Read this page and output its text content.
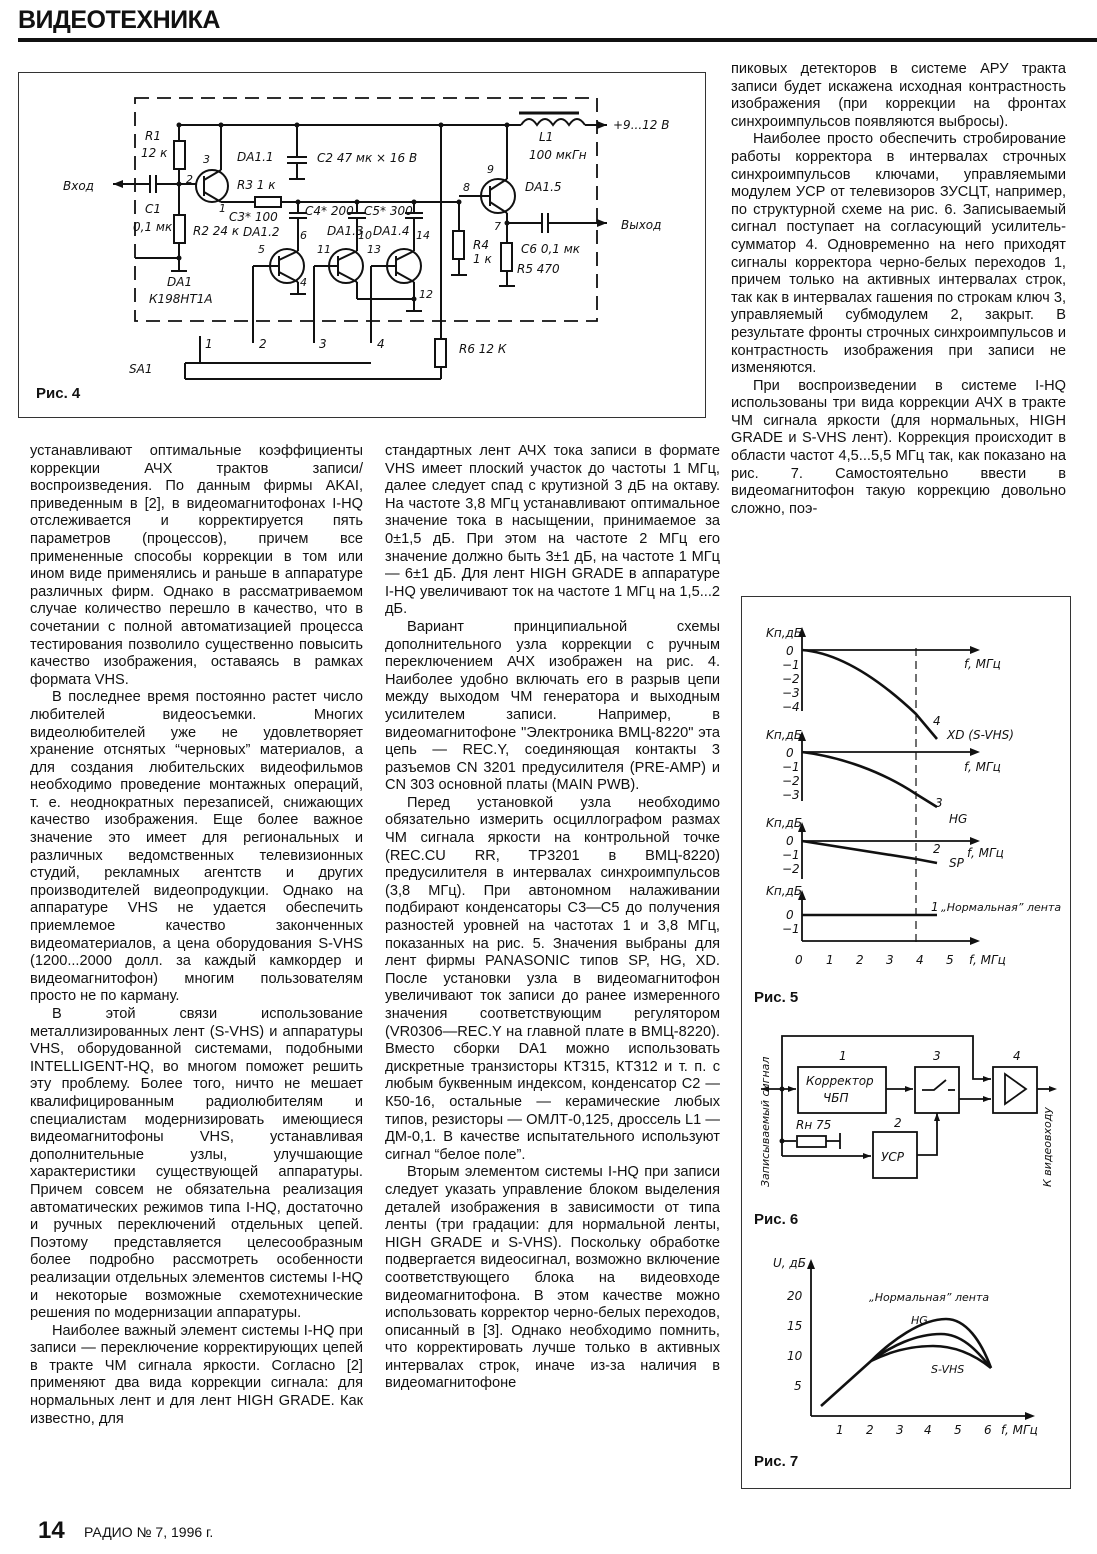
ВИДЕОТЕХНИКА
Вход
Выход
+9...12 В
R1
12 к
C1
0,1 мк R2 24 к
R3 1 к
C3* 100 C4* 200 C5* 300
C2 47 мк × 16 В
L1
100 мкГн
DA1.1
DA1.2	DA1.3 DA1.4
DA1.5
R4
1 к
C6 0,1 мк
R5 470
R6 12 К
DA1
К198НТ1А
SA1
1	2	3	4
3
2
1
5
6
4
11
10
13
14
12
8
9
7
Рис. 4

устанавливают оптимальные коэффициенты коррекции АЧХ трактов записи/воспроизведения. По данным фирмы AKAI, приведенным в [2], в видеомагнитофонах I-HQ отслеживается и корректируется пять параметров (процессов), причем все примененные способы коррекции в том или ином виде применялись и раньше в аппаратуре различных фирм. Однако в рассматриваемом случае количество перешло в качество, что в сочетании с полной автоматизацией процесса тестирования позволило существенно повысить качество изображения, оставаясь в рамках формата VHS.

В последнее время постоянно растет число любителей видеосъемки. Многих видеолюбителей уже не удовлетворяет хранение отснятых “черновых” материалов, а для создания любительских видеофильмов необходимо проведение монтажных операций, т. е. неоднократных перезаписей, снижающих качество изображения. Еще более важное значение это имеет для региональных и различных ведомственных телевизионных студий, рекламных агентств и других производителей видеопродукции. Однако на аппаратуре VHS не удается обеспечить приемлемое качество законченных видеоматериалов, а цена оборудования S-VHS (1200...2000 долл. за каждый камкордер и видеомагнитофон) многим пользователям просто не по карману.

В этой связи использование металлизированных лент (S-VHS) и аппаратуры VHS, оборудованной системами, подобными INTELLIGENT-HQ, во многом поможет решить эту проблему. Более того, ничто не мешает квалифицированным радиолюбителям и специалистам модернизировать имеющиеся видеомагнитофоны VHS, устанавливая дополнительные узлы, улучшающие характеристики существующей аппаратуры. Причем совсем не обязательна реализация автоматических режимов типа I-HQ, достаточно и ручных переключений отдельных цепей. Поэтому представляется целесообразным более подробно рассмотреть особенности реализации отдельных элементов системы I-HQ и некоторые возможные схемотехнические решения по модернизации аппаратуры.

Наиболее важный элемент системы I-HQ при записи — переключение корректирующих цепей в тракте ЧМ сигнала яркости. Согласно [2] применяют два вида коррекции сигнала: для нормальных лент и для лент HIGH GRADE. Как известно, для

стандартных лент АЧХ тока записи в формате VHS имеет плоский участок до частоты 1 МГц, далее следует спад с крутизной 3 дБ на октаву. На частоте 3,8 МГц устанавливают оптимальное значение тока в насыщении, принимаемое за 0±1,5 дБ. При этом на частоте 2 МГц его значение должно быть 3±1 дБ, на частоте 1 МГц — 6±1 дБ. Для лент HIGH GRADE в аппаратуре I-HQ увеличивают ток на частоте 1 МГц на 1,5...2 дБ.

Вариант принципиальной схемы дополнительного узла коррекции с ручным переключением АЧХ изображен на рис. 4. Наиболее удобно включать его в разрыв цепи между выходом ЧМ генератора и выходным усилителем записи. Например, в видеомагнитофоне "Электроника ВМЦ-8220" эта цепь — REC.Y, соединяющая контакты 3 разъемов CN 3201 предусилителя (PRE-AMP) и CN 303 основной платы (MAIN PWB).

Перед установкой узла необходимо обязательно измерить осциллографом размах ЧМ сигнала яркости на контрольной точке (REC.CU RR, TP3201 в ВМЦ-8220) предусилителя в интервалах синхроимпульсов (3,8 МГц). При автономном налаживании подбирают конденсаторы С3—С5 до получения разностей уровней на частотах 1 и 3,8 МГц, показанных на рис. 5. Значения выбраны для лент фирмы PANASONIC типов SP, HG, XD. После установки узла в видеомагнитофон увеличивают ток записи до ранее измеренного значения соответствующим регулятором (VR0306—REC.Y на главной плате в ВМЦ-8220). Вместо сборки DA1 можно использовать дискретные транзисторы КТ315, КТ312 и т. п. с любым буквенным индексом, конденсатор С2 — К50-16, остальные — керамические любых типов, резисторы — ОМЛТ-0,125, дроссель L1 — ДМ-0,1. В качестве испытательного используют сигнал “белое поле”.

Вторым элементом системы I-HQ при записи следует указать управление блоком выделения деталей изображения в зависимости от типа ленты (три градации: для нормальной ленты, HIGH GRADE и S-VHS). Поскольку обработке подвергается видеосигнал, возможно включение соответствующего блока на видеовходе видеомагнитофона. В этом качестве можно использовать корректор черно-белых переходов, описанный в [3]. Однако необходимо помнить, что корректировать лучше только в активных интервалах строк, иначе из-за наличия в видеомагнитофоне

пиковых детекторов в системе АРУ тракта записи будет искажена исходная контрастность изображения (при коррекции на фронтах синхроимпульсов появляются выбросы).

Наиболее просто обеспечить стробирование работы корректора в интервалах строчных синхроимпульсов ключами, управляемыми модулем УСР от телевизоров ЗУСЦТ, например, по структурной схеме на рис. 6. Записываемый сигнал поступает на согласующий усилитель-сумматор 4. Одновременно на него приходят сигналы корректора черно-белых переходов 1, причем только на активных интервалах строк, так как в интервалах гашения по строкам ключ 3, управляемый субмодулем 2, закрыт. В результате фронты строчных синхроимпульсов и контрастность изображения при записи не изменяются.

При воспроизведении в системе I-HQ использованы три вида коррекции АЧХ в тракте ЧМ сигнала яркости (для нормальных, HIGH GRADE и S-VHS лент). Коррекция происходит в области частот 4,5...5,5 МГц так, как показано на рис. 7. Самостоятельно ввести в видеомагнитофон такую коррекцию довольно сложно, поэ-

Kп,дБ
0
−1
−2
−3
−4
f, МГц
4
XD (S-VHS)
Kп,дБ
0
−1
−2
−3
f, МГц
3
HG
Kп,дБ
0
−1
−2
2
SP
f, МГц
Kп,дБ
0
−1
1 „Нормальная” лента
0 1 2 3 4 5 f, МГц
Рис. 5
1
Корректор
ЧБП
3	4
2
УСР
Rн 75
Записываемый сигнал	К видеовходу
Рис. 6
U, дБ
20
15
10
5
1 2 3 4 5 6 f, МГц
„Нормальная” лента
HG
S-VHS
Рис. 7
14 РАДИО № 7, 1996 г.
